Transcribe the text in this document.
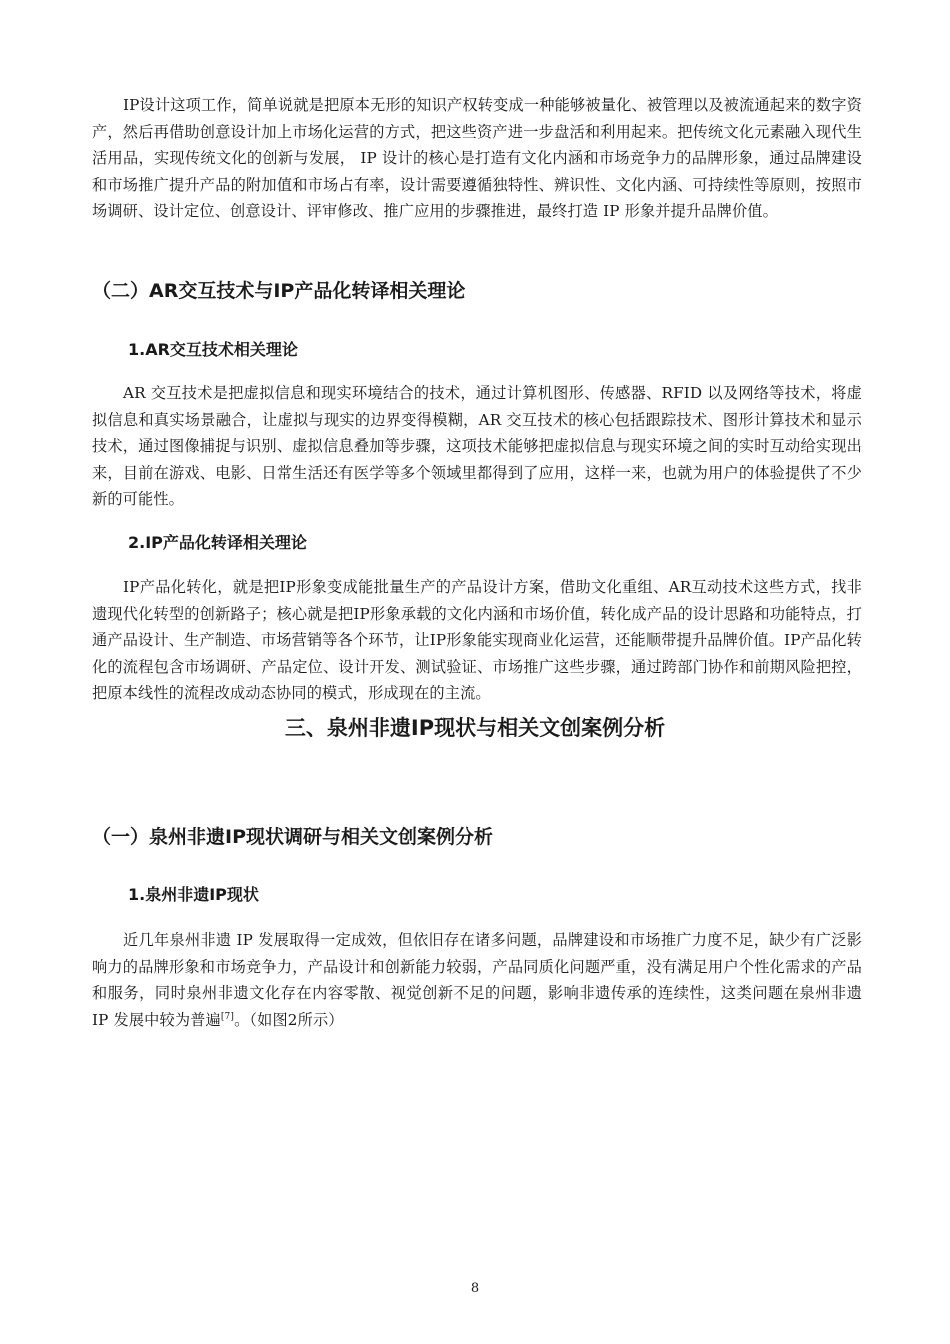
IP设计这项工作，简单说就是把原本无形的知识产权转变成一种能够被量化、被管理以及被流通起来的数字资产，然后再借助创意设计加上市场化运营的方式，把这些资产进一步盘活和利用起来。把传统文化元素融入现代生活用品，实现传统文化的创新与发展， IP 设计的核心是打造有文化内涵和市场竞争力的品牌形象，通过品牌建设和市场推广提升产品的附加值和市场占有率，设计需要遵循独特性、辨识性、文化内涵、可持续性等原则，按照市场调研、设计定位、创意设计、评审修改、推广应用的步骤推进，最终打造 IP 形象并提升品牌价值。

（二）AR交互技术与IP产品化转译相关理论
1.AR交互技术相关理论

AR 交互技术是把虚拟信息和现实环境结合的技术，通过计算机图形、传感器、RFID 以及网络等技术，将虚拟信息和真实场景融合，让虚拟与现实的边界变得模糊，AR 交互技术的核心包括跟踪技术、图形计算技术和显示技术，通过图像捕捉与识别、虚拟信息叠加等步骤，这项技术能够把虚拟信息与现实环境之间的实时互动给实现出来，目前在游戏、电影、日常生活还有医学等多个领域里都得到了应用，这样一来，也就为用户的体验提供了不少新的可能性。

2.IP产品化转译相关理论

IP产品化转化，就是把IP形象变成能批量生产的产品设计方案，借助文化重组、AR互动技术这些方式，找非遗现代化转型的创新路子；核心就是把IP形象承载的文化内涵和市场价值，转化成产品的设计思路和功能特点，打通产品设计、生产制造、市场营销等各个环节，让IP形象能实现商业化运营，还能顺带提升品牌价值。IP产品化转化的流程包含市场调研、产品定位、设计开发、测试验证、市场推广这些步骤，通过跨部门协作和前期风险把控，把原本线性的流程改成动态协同的模式，形成现在的主流。

三、泉州非遗IP现状与相关文创案例分析
（一）泉州非遗IP现状调研与相关文创案例分析
1.泉州非遗IP现状

近几年泉州非遗 IP 发展取得一定成效，但依旧存在诸多问题，品牌建设和市场推广力度不足，缺少有广泛影响力的品牌形象和市场竞争力，产品设计和创新能力较弱，产品同质化问题严重，没有满足用户个性化需求的产品和服务，同时泉州非遗文化存在内容零散、视觉创新不足的问题，影响非遗传承的连续性，这类问题在泉州非遗 IP 发展中较为普遍[7]。（如图2所示）

8
